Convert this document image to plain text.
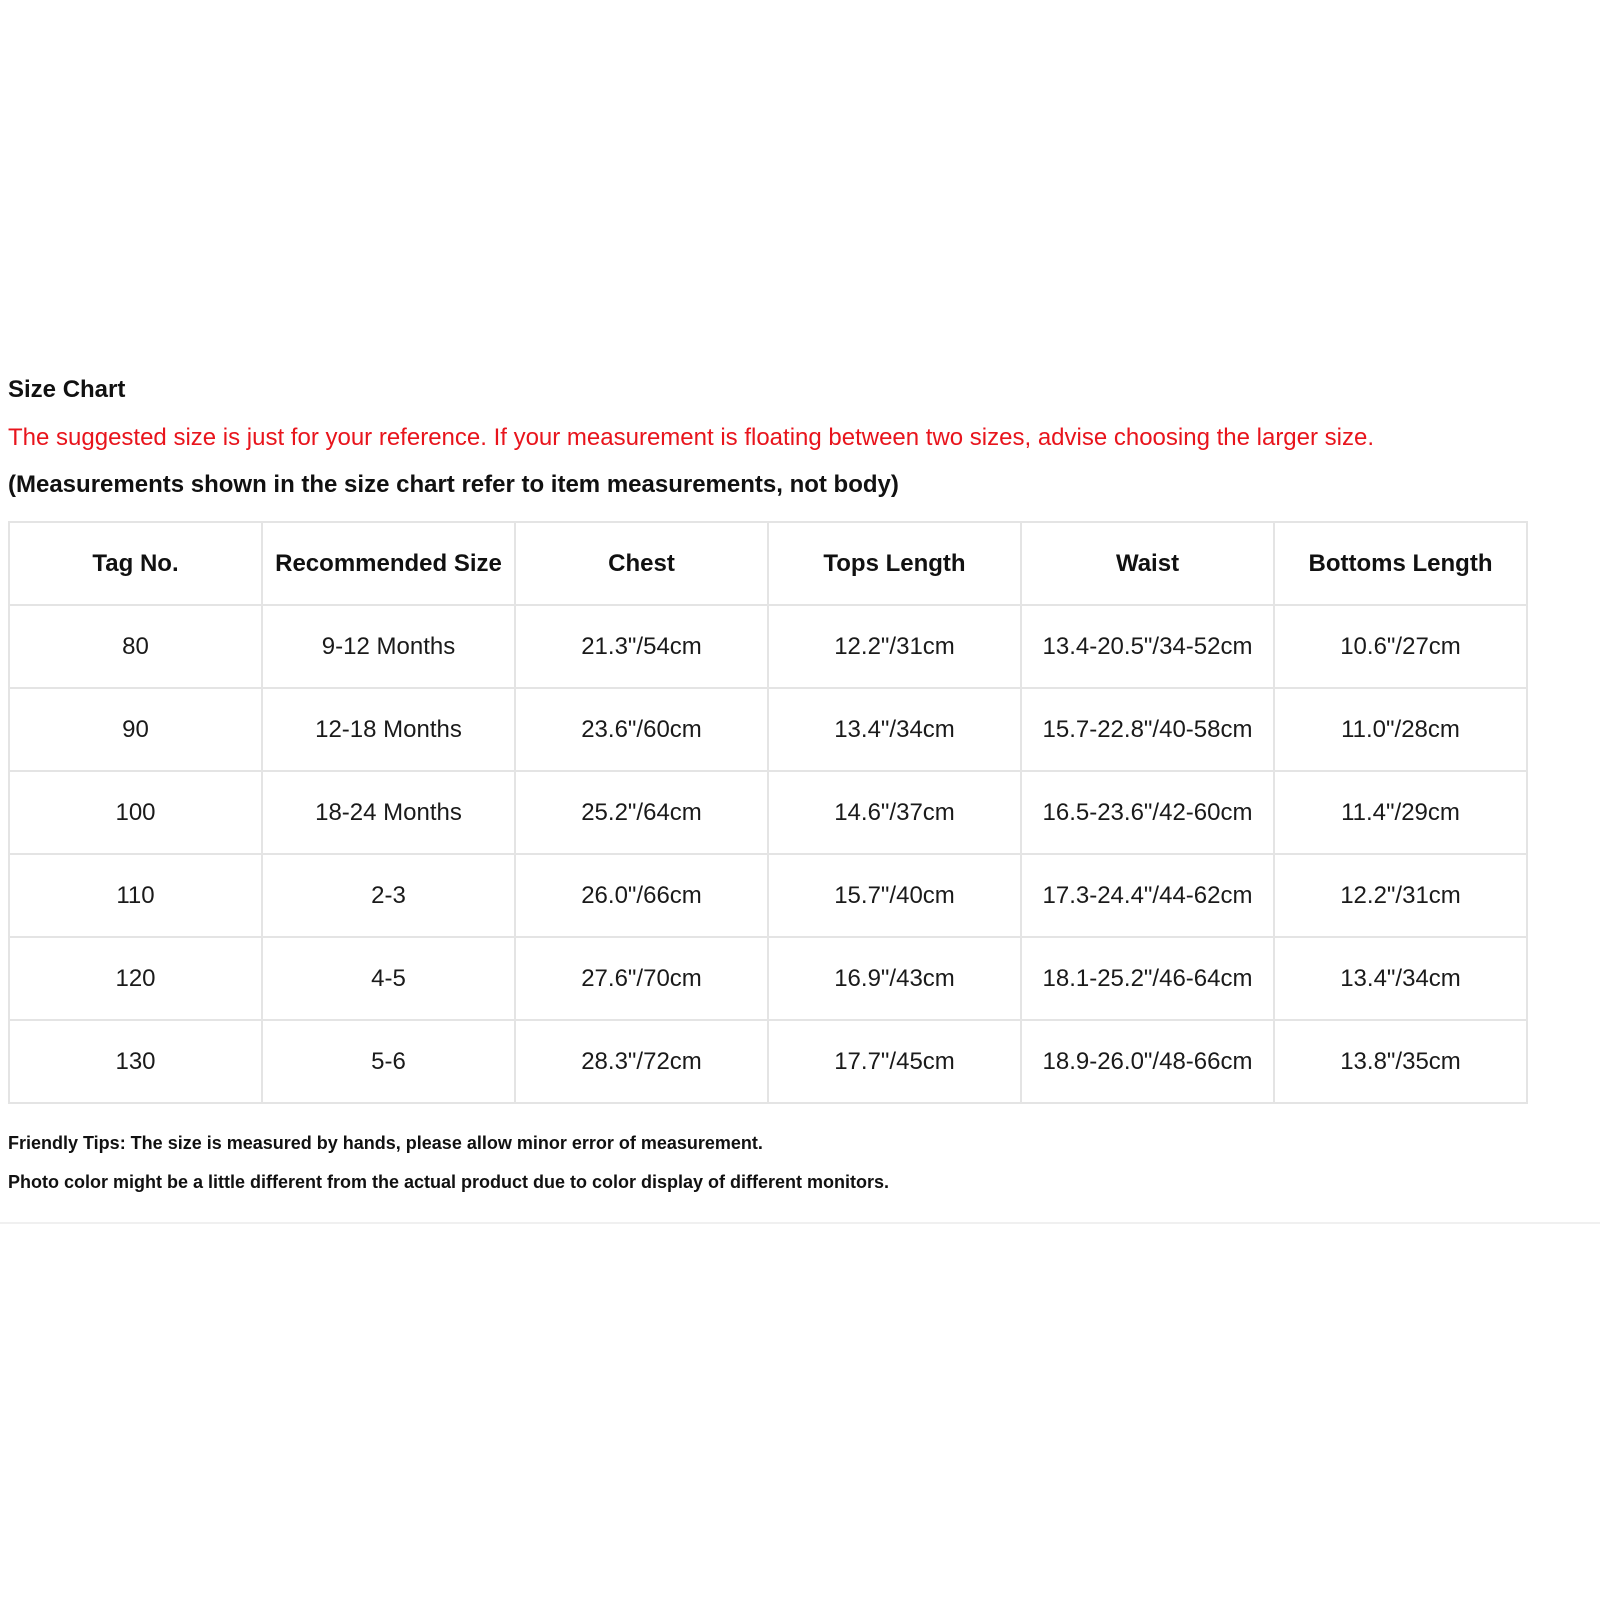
Size Chart

The suggested size is just for your reference. If your measurement is floating between two sizes, advise choosing the larger size.

(Measurements shown in the size chart refer to item measurements, not body)

Tag No.	Recommended Size	Chest	Tops Length	Waist	Bottoms Length
80	9-12 Months	21.3"/54cm	12.2"/31cm	13.4-20.5"/34-52cm	10.6"/27cm
90	12-18 Months	23.6"/60cm	13.4"/34cm	15.7-22.8"/40-58cm	11.0"/28cm
100	18-24 Months	25.2"/64cm	14.6"/37cm	16.5-23.6"/42-60cm	11.4"/29cm
110	2-3	26.0"/66cm	15.7"/40cm	17.3-24.4"/44-62cm	12.2"/31cm
120	4-5	27.6"/70cm	16.9"/43cm	18.1-25.2"/46-64cm	13.4"/34cm
130	5-6	28.3"/72cm	17.7"/45cm	18.9-26.0"/48-66cm	13.8"/35cm

Friendly Tips: The size is measured by hands, please allow minor error of measurement.

Photo color might be a little different from the actual product due to color display of different monitors.
